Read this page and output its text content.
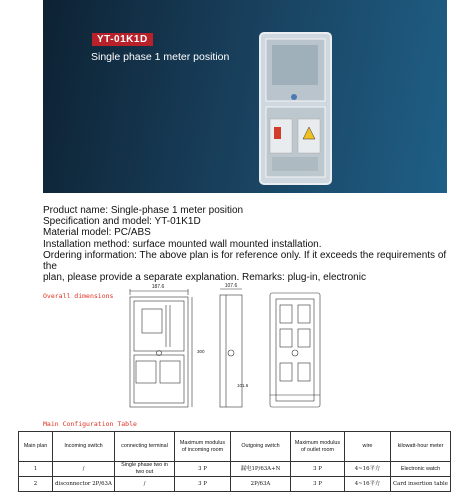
YT-01K1D
Single phase 1 meter position
Product name: Single-phase 1 meter position
Specification and model: YT-01K1D
Material model: PC/ABS
Installation method: surface mounted wall mounted installation.
Ordering information: The above plan is for reference only. If it exceeds the requirements of the
plan, please provide a separate explanation. Remarks: plug-in, electronic
Overall dimensions
187.6	107.6
300
101.6
Main Configuration Table
Main plan	Incoming switch	connecting terminal	Maximum modulus of incoming room	Outgoing switch	Maximum modulus of outlet room	wire	kilowatt-hour meter
1	/	Single phase two in two out	3 P	漏电1P/63A+N	3 P	4~16平方	Electronic watch
2	disconnector 2P/63A	/	3 P	2P/63A	3 P	4~16平方	Card insertion table
